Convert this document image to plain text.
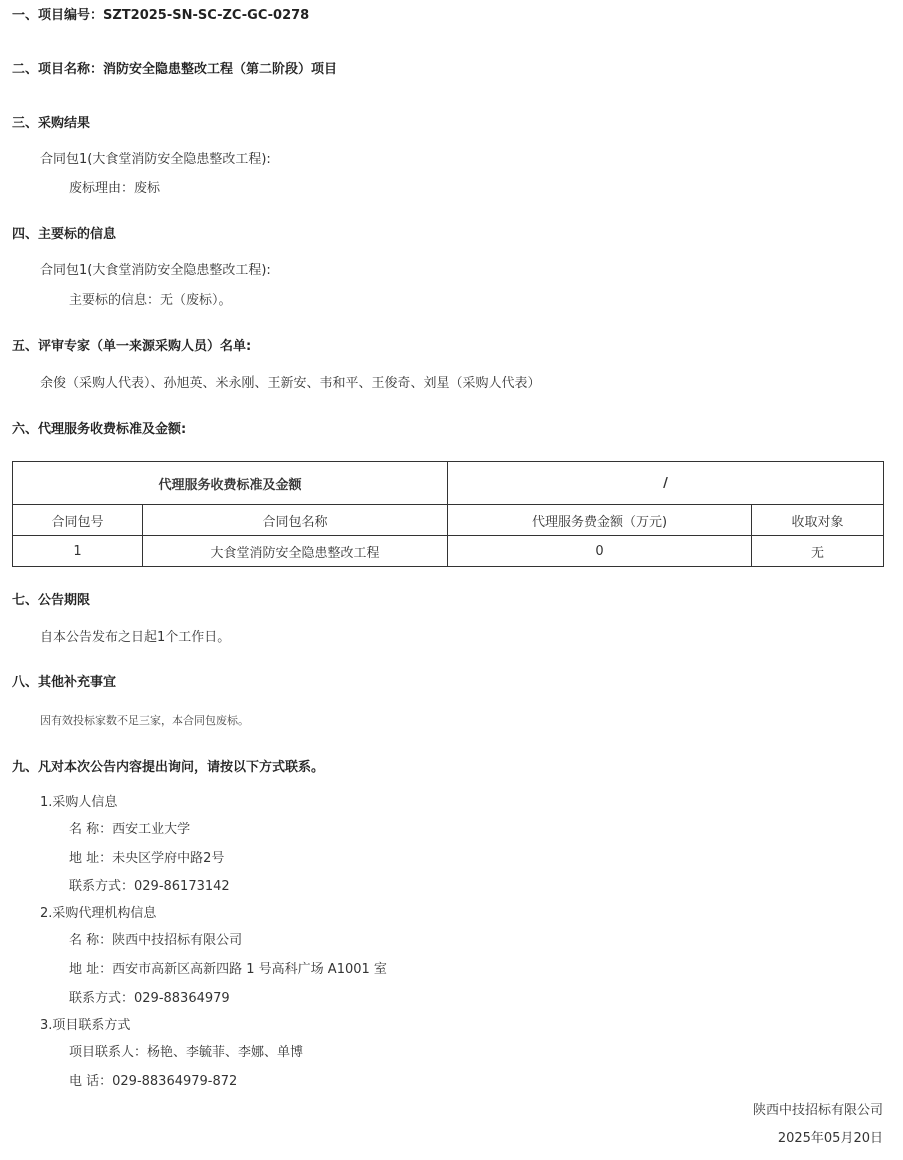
一、项目编号：SZT2025-SN-SC-ZC-GC-0278
二、项目名称：消防安全隐患整改工程（第二阶段）项目
三、采购结果
合同包1(大食堂消防安全隐患整改工程):
废标理由：废标
四、主要标的信息
合同包1(大食堂消防安全隐患整改工程):
主要标的信息：无（废标）。
五、评审专家（单一来源采购人员）名单:
余俊（采购人代表）、孙旭英、米永刚、王新安、韦和平、王俊奇、刘星（采购人代表）
六、代理服务收费标准及金额:
代理服务收费标准及金额		/	
合同包号	合同包名称	代理服务费金额（万元)	收取对象
1	大食堂消防安全隐患整改工程	0	无
七、公告期限
自本公告发布之日起1个工作日。
八、其他补充事宜
因有效投标家数不足三家，本合同包废标。
九、凡对本次公告内容提出询问，请按以下方式联系。
1.采购人信息
名 称：西安工业大学
地 址：未央区学府中路2号
联系方式：029-86173142
2.采购代理机构信息
名 称：陕西中技招标有限公司
地 址：西安市高新区高新四路 1 号高科广场 A1001 室
联系方式：029-88364979
3.项目联系方式
项目联系人：杨艳、李毓菲、李娜、单博
电 话：029-88364979-872
陕西中技招标有限公司
2025年05月20日
